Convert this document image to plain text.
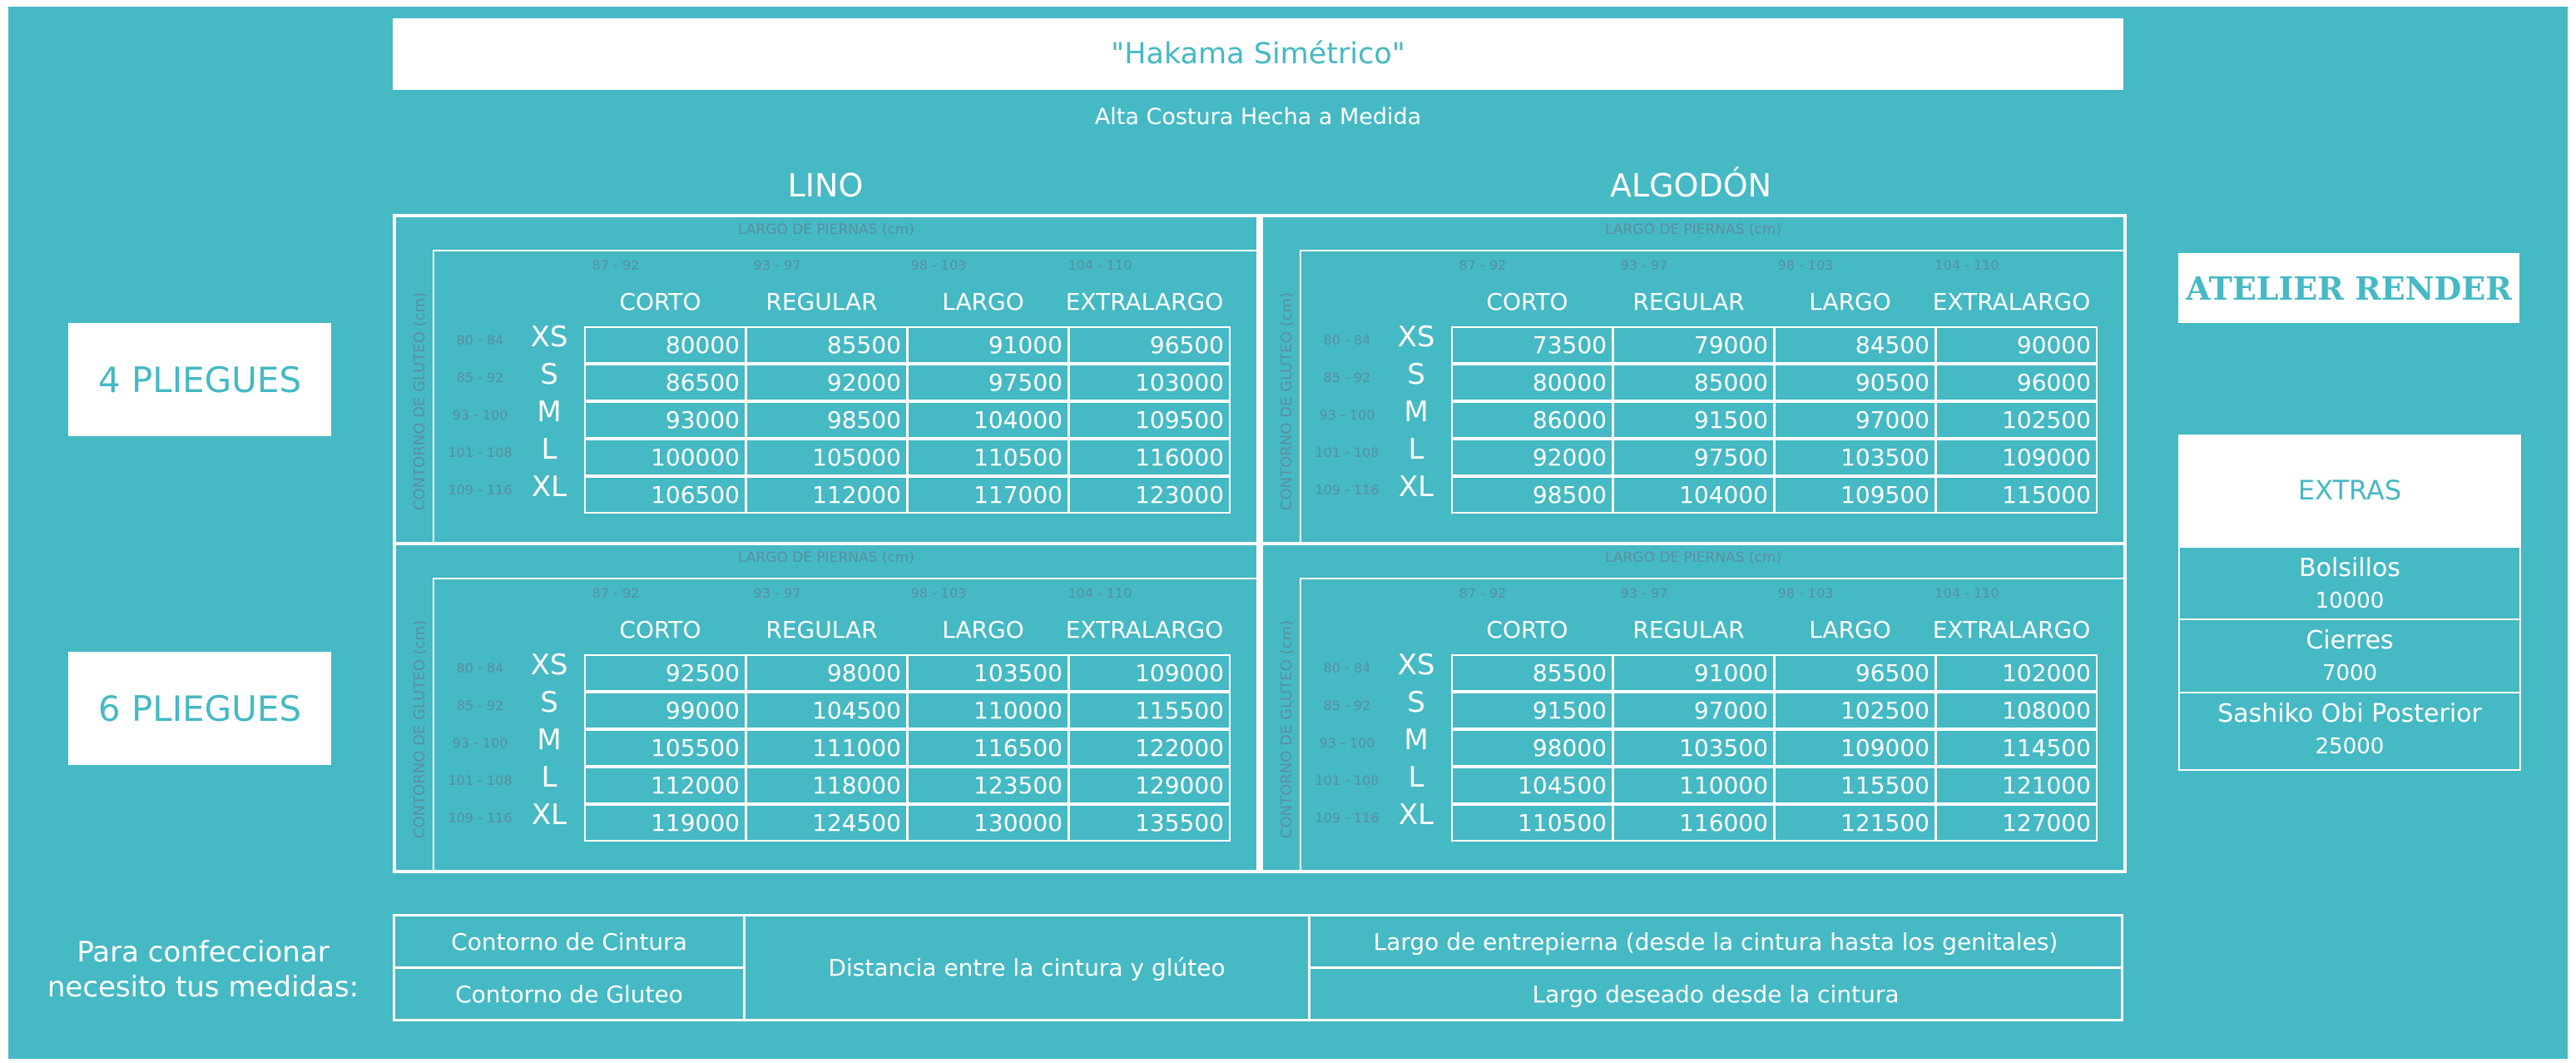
"Hakama Simétrico"
Alta Costura Hecha a Medida
LINO	ALGODÓN
4 PLIEGUES
6 PLIEGUES
ATELIER RENDER
LARGO DE PIERNAS (cm)
CONTORNO DE GLUTEO (cm)
87 - 92
CORTO
93 - 97
REGULAR
98 - 103
LARGO
104 - 110
EXTRALARGO
80 - 84 XS	80000	85500	91000	96500
85 - 92	S	86500	92000	97500	103000
93 - 100	M	93000	98500	104000	109500
101 - 108	L	100000	105000	110500	116000
109 - 116 XL	106500	112000	117000	123000
LARGO DE PIERNAS (cm)
CONTORNO DE GLUTEO (cm)
87 - 92
CORTO
93 - 97
REGULAR
98 - 103
LARGO
104 - 110
EXTRALARGO
80 - 84 XS	73500	79000	84500	90000
85 - 92	S	80000	85000	90500	96000
93 - 100	M	86000	91500	97000	102500
101 - 108	L	92000	97500	103500	109000
109 - 116 XL	98500	104000	109500	115000
LARGO DE PIERNAS (cm)
CONTORNO DE GLUTEO (cm)
87 - 92
CORTO
93 - 97
REGULAR
98 - 103
LARGO
104 - 110
EXTRALARGO
80 - 84 XS	92500	98000	103500	109000
85 - 92	S	99000	104500	110000	115500
93 - 100	M	105500	111000	116500	122000
101 - 108	L	112000	118000	123500	129000
109 - 116 XL	119000	124500	130000	135500
LARGO DE PIERNAS (cm)
CONTORNO DE GLUTEO (cm)
87 - 92
CORTO
93 - 97
REGULAR
98 - 103
LARGO
104 - 110
EXTRALARGO
80 - 84 XS	85500	91000	96500	102000
85 - 92	S	91500	97000	102500	108000
93 - 100	M	98000	103500	109000	114500
101 - 108	L	104500	110000	115500	121000
109 - 116 XL	110500	116000	121500	127000
EXTRAS
Bolsillos
10000
Cierres
7000
Sashiko Obi Posterior
25000
Para confeccionar
necesito tus medidas:
Contorno de Cintura
Contorno de Gluteo
Distancia entre la cintura y glúteo
Largo de entrepierna (desde la cintura hasta los genitales)
Largo deseado desde la cintura
